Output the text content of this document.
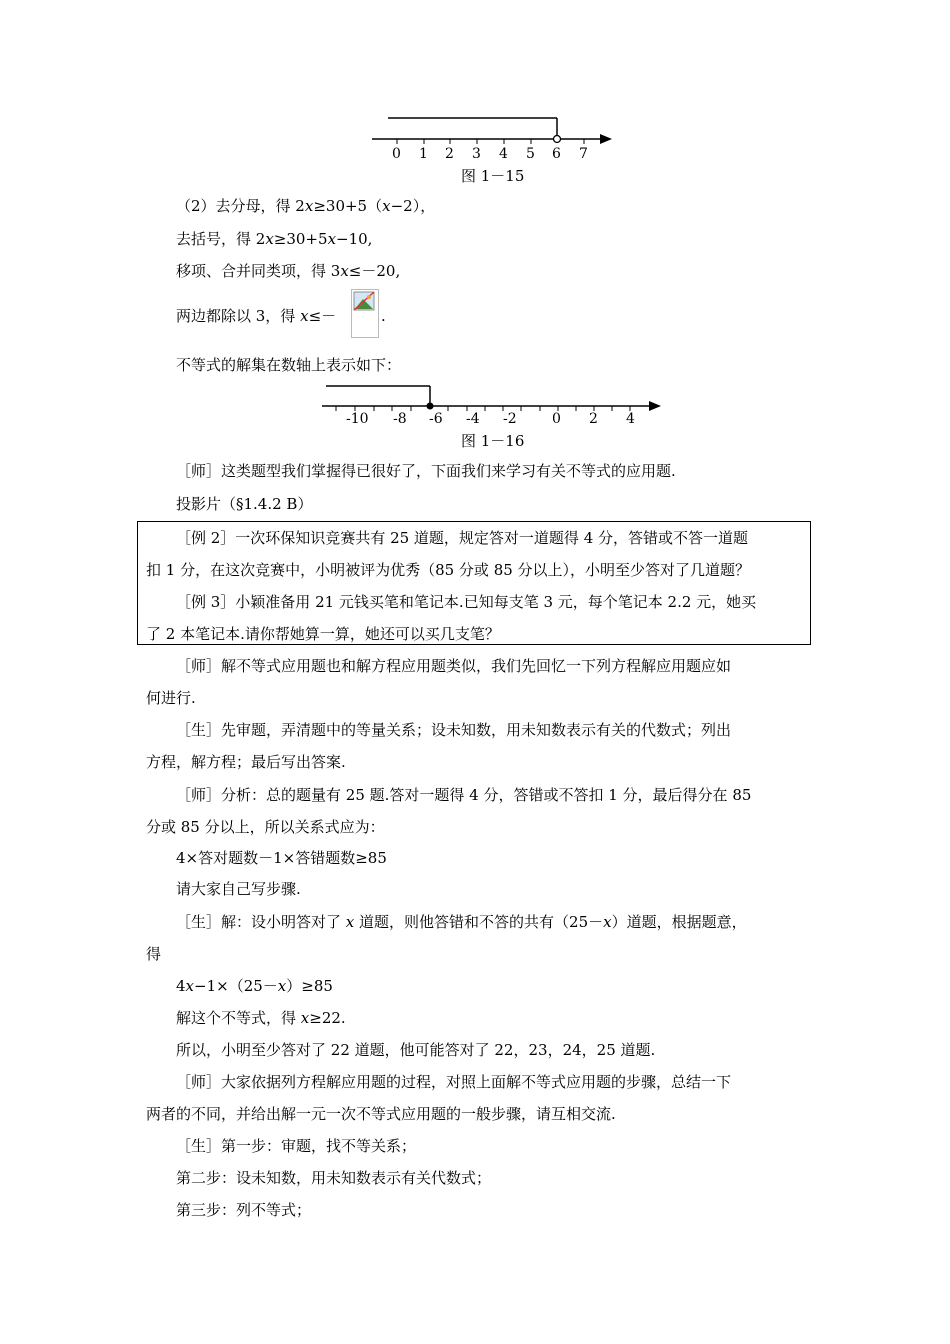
0 1 2 3 4 5 6 7
图 1－15
（2）去分母，得 2x≥30+5（x−2），
去括号，得 2x≥30+5x−10,
移项、合并同类项，得 3x≤－20,
两边都除以 3，得 x≤－	.
不等式的解集在数轴上表示如下：
-10 -8 -6 -4 -2	0 2 4
图 1－16
［师］这类题型我们掌握得已很好了，下面我们来学习有关不等式的应用题.
投影片（§1.4.2 B）
［例 2］一次环保知识竞赛共有 25 道题，规定答对一道题得 4 分，答错或不答一道题
扣 1 分，在这次竞赛中，小明被评为优秀（85 分或 85 分以上），小明至少答对了几道题？
［例 3］小颖准备用 21 元钱买笔和笔记本.已知每支笔 3 元，每个笔记本 2.2 元，她买
了 2 本笔记本.请你帮她算一算，她还可以买几支笔？
［师］解不等式应用题也和解方程应用题类似，我们先回忆一下列方程解应用题应如
何进行.
［生］先审题，弄清题中的等量关系；设未知数，用未知数表示有关的代数式；列出
方程，解方程；最后写出答案.
［师］分析：总的题量有 25 题.答对一题得 4 分，答错或不答扣 1 分，最后得分在 85
分或 85 分以上，所以关系式应为：
4×答对题数－1×答错题数≥85
请大家自己写步骤.
［生］解：设小明答对了 x 道题，则他答错和不答的共有（25－x）道题，根据题意，
得
4x−1×（25－x）≥85
解这个不等式，得 x≥22.
所以，小明至少答对了 22 道题，他可能答对了 22，23，24，25 道题.
［师］大家依据列方程解应用题的过程，对照上面解不等式应用题的步骤，总结一下
两者的不同，并给出解一元一次不等式应用题的一般步骤，请互相交流.
［生］第一步：审题，找不等关系；
第二步：设未知数，用未知数表示有关代数式；
第三步：列不等式；
